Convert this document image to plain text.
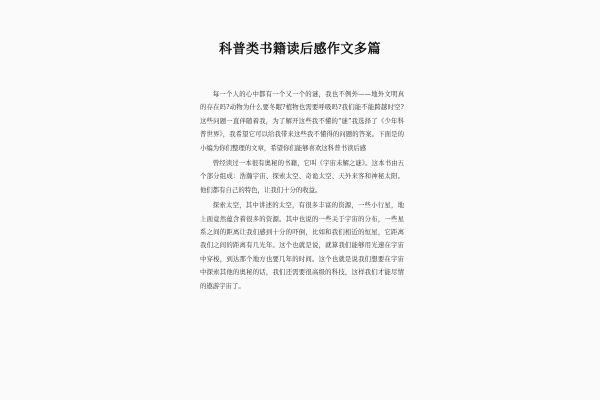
科普类书籍读后感作文多篇

每一个人的心中都有一个又一个的谜，我也不例外——地外文明真的存在吗?动物为什么要冬眠?植物也需要呼吸吗?我们能不能跨越时空?这些问题一直伴随着我，为了解开这些我不懂的“谜”我选择了《少年科普世界》，我希望它可以给我带来这些我不懂得的问题的答案。下面是的小编为你们整理的文章，希望你们能够喜欢这科普书读后感

曾经读过一本很有奥秘的书籍，它叫《宇宙未解之谜》。这本书由五个部分组成：浩瀚宇宙、探索太空、奇诡太空、天外来客和神秘太阳。他们都有自己的特色，让我们十分的收益。

探索太空，其中讲述的太空，有很多丰富的资源，一些小行星，地上面竟然蕴含着很多的资源。其中也说的一些关于宇宙的分布，一些星系之间的距离让我们感到十分的吓倒，比如和我们相近的恒星，它距离我们之间的距离有几光年。这个也就是说，就算我们能够用光速在宇宙中穿梭，到达那个地方也要几年的时间。这个也就是说我们想要在宇宙中探索其他的奥秘的话，我们还需要很高级的科技，这样我们才能尽情的遨游宇宙了。
